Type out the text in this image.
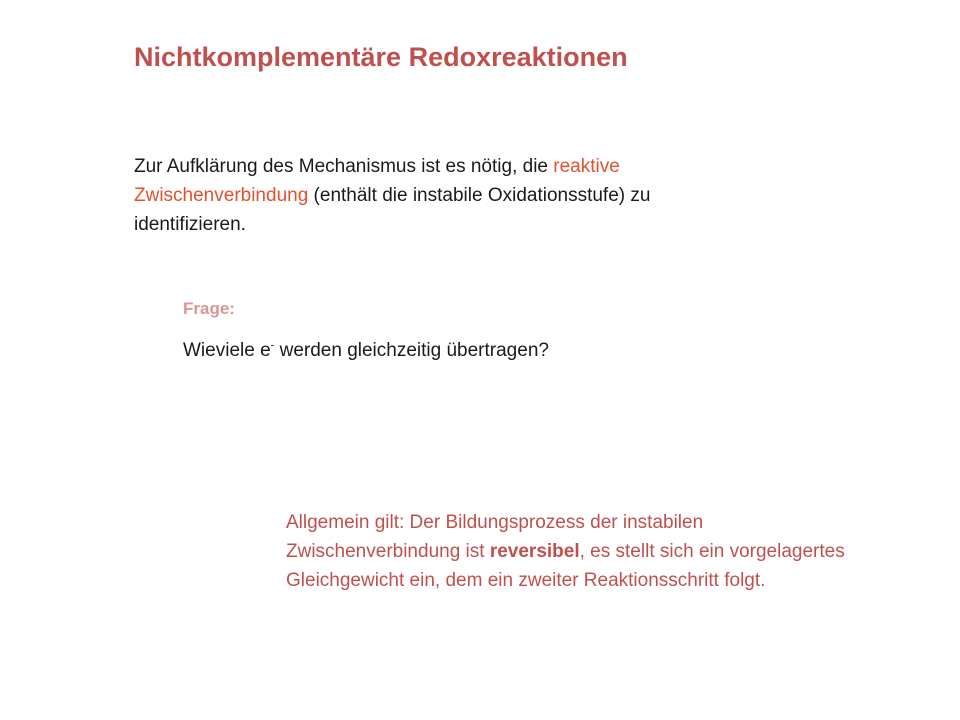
Nichtkomplementäre Redoxreaktionen

Zur Aufklärung des Mechanismus ist es nötig, die reaktive Zwischenverbindung (enthält die instabile Oxidationsstufe) zu identifizieren.

Frage:

Wieviele e- werden gleichzeitig übertragen?

Allgemein gilt: Der Bildungsprozess der instabilen Zwischenverbindung ist reversibel, es stellt sich ein vorgelagertes Gleichgewicht ein, dem ein zweiter Reaktionsschritt folgt.
